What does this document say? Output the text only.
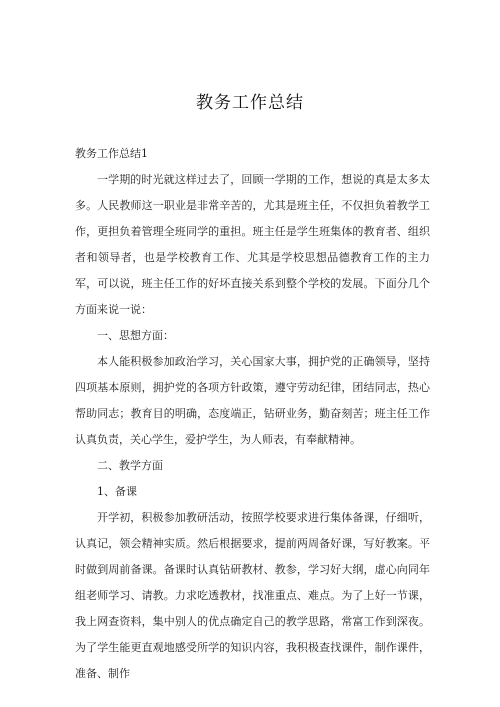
教务工作总结

教务工作总结1

一学期的时光就这样过去了，回顾一学期的工作，想说的真是太多太多。人民教师这一职业是非常辛苦的，尤其是班主任，不仅担负着教学工作，更担负着管理全班同学的重担。班主任是学生班集体的教育者、组织者和领导者，也是学校教育工作、尤其是学校思想品德教育工作的主力军，可以说，班主任工作的好坏直接关系到整个学校的发展。下面分几个方面来说一说：

一、思想方面：

本人能积极参加政治学习，关心国家大事，拥护党的正确领导，坚持四项基本原则，拥护党的各项方针政策，遵守劳动纪律，团结同志，热心帮助同志；教育目的明确，态度端正，钻研业务，勤奋刻苦；班主任工作认真负责，关心学生，爱护学生，为人师表，有奉献精神。

二、教学方面

1、备课

开学初，积极参加教研活动，按照学校要求进行集体备课，仔细听，认真记，领会精神实质。然后根据要求，提前两周备好课，写好教案。平时做到周前备课。备课时认真钻研教材、教参，学习好大纲，虚心向同年组老师学习、请教。力求吃透教材，找准重点、难点。为了上好一节课，我上网查资料，集中别人的优点确定自己的教学思路，常富工作到深夜。为了学生能更直观地感受所学的知识内容，我积极查找课件，制作课件，准备、制作
